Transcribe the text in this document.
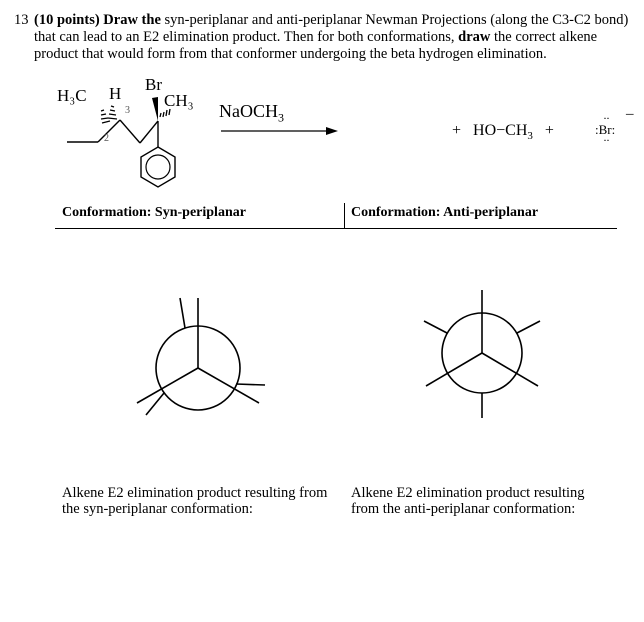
13 (10 points) Draw the syn-periplanar and anti-periplanar Newman Projections (along the C3-C2 bond) that can lead to an E2 elimination product. Then for both conformations, draw the correct alkene product that would form from that conformer undergoing the beta hydrogen elimination.
H₃C H Br
CH₃
3
2
NaOCH$_3$
+ $HO-CH_3$ +	:Br:
··
··
–
Conformation: Syn-periplanar	Conformation: Anti-periplanar
Alkene E2 elimination product resulting from the syn-periplanar conformation:
Alkene E2 elimination product resulting from the anti-periplanar conformation:
